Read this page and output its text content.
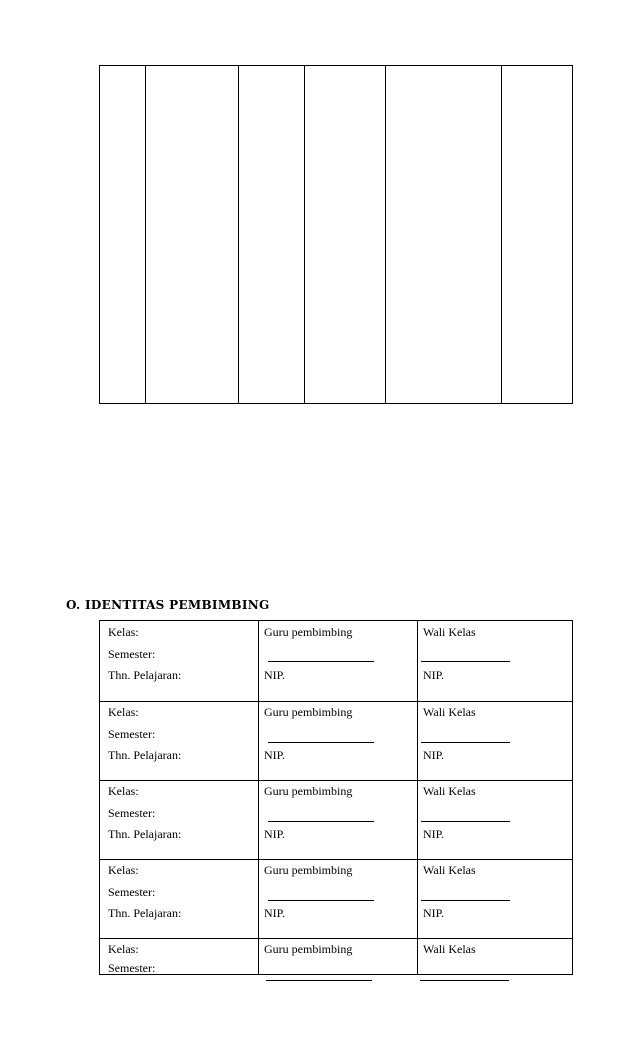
O. IDENTITAS PEMBIMBING
Kelas:
Semester:
Thn. Pelajaran:
Guru pembimbing
NIP.
Wali Kelas
NIP.
Kelas:
Semester:
Thn. Pelajaran:
Guru pembimbing
NIP.
Wali Kelas
NIP.
Kelas:
Semester:
Thn. Pelajaran:
Guru pembimbing
NIP.
Wali Kelas
NIP.
Kelas:
Semester:
Thn. Pelajaran:
Guru pembimbing
NIP.
Wali Kelas
NIP.
Kelas:
Semester:
Guru pembimbing	Wali Kelas
